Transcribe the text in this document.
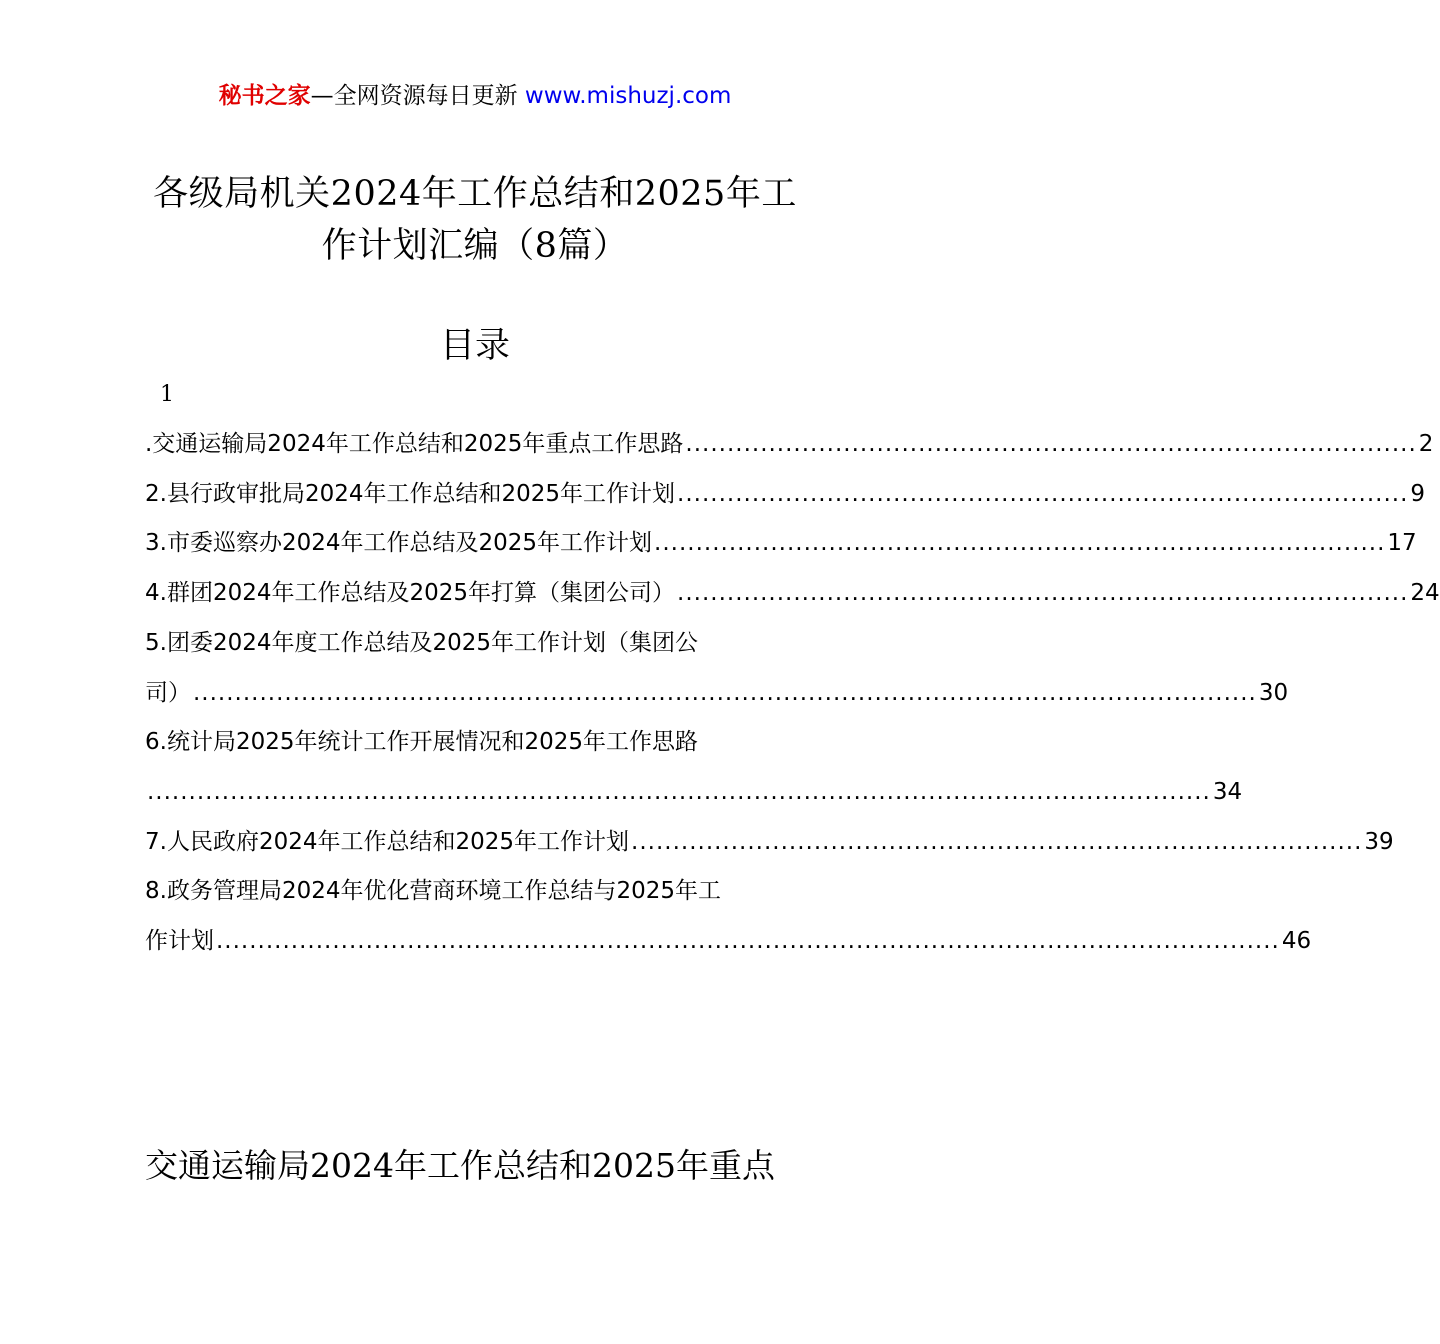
秘书之家—全网资源每日更新 www.mishuzj.com
各级局机关2024年工作总结和2025年工作计划汇编（8篇）
目录
1
.交通运输局2024年工作总结和2025年重点工作思路 ........................................................................................ 2
2.县行政审批局2024年工作总结和2025年工作计划 ........................................................................................ 9
3.市委巡察办2024年工作总结及2025年工作计划 ........................................................................................ 17
4.群团2024年工作总结及2025年打算（集团公司） ........................................................................................ 24
5.团委2024年度工作总结及2025年工作计划（集团公
司） ................................................................................................................................ 30
6.统计局2025年统计工作开展情况和2025年工作思路
................................................................................................................................ 34
7.人民政府2024年工作总结和2025年工作计划 ........................................................................................ 39
8.政务管理局2024年优化营商环境工作总结与2025年工
作计划 ................................................................................................................................ 46
交通运输局2024年工作总结和2025年重点
